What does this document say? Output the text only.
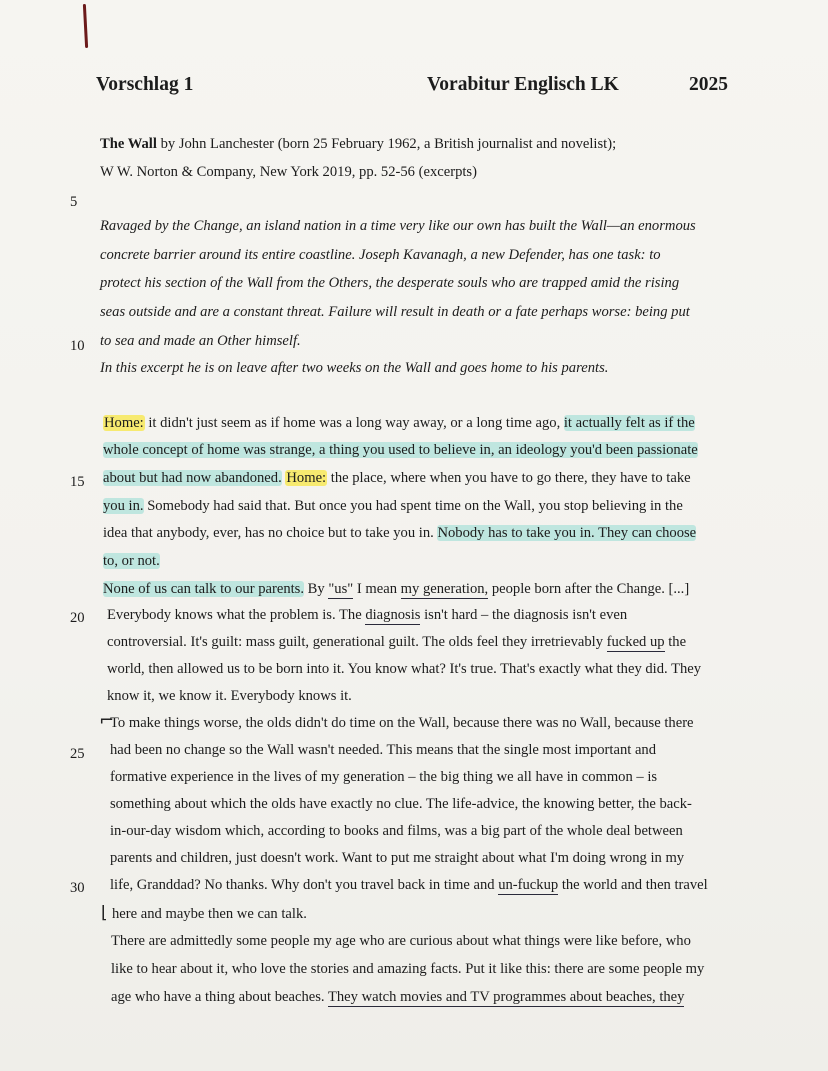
Vorschlag 1	Vorabitur Englisch LK	2025
The Wall by John Lanchester (born 25 February 1962, a British journalist and novelist);
W W. Norton & Company, New York 2019, pp. 52-56 (excerpts)
5
10
15
20
25
30
Ravaged by the Change, an island nation in a time very like our own has built the Wall—an enormous
concrete barrier around its entire coastline. Joseph Kavanagh, a new Defender, has one task: to
protect his section of the Wall from the Others, the desperate souls who are trapped amid the rising
seas outside and are a constant threat. Failure will result in death or a fate perhaps worse: being put
to sea and made an Other himself.
In this excerpt he is on leave after two weeks on the Wall and goes home to his parents.
Home: it didn't just seem as if home was a long way away, or a long time ago, it actually felt as if the
whole concept of home was strange, a thing you used to believe in, an ideology you'd been passionate
about but had now abandoned. Home: the place, where when you have to go there, they have to take
you in. Somebody had said that. But once you had spent time on the Wall, you stop believing in the
idea that anybody, ever, has no choice but to take you in. Nobody has to take you in. They can choose
to, or not.
None of us can talk to our parents. By "us" I mean my generation, people born after the Change. [...]
Everybody knows what the problem is. The diagnosis isn't hard – the diagnosis isn't even
controversial. It's guilt: mass guilt, generational guilt. The olds feel they irretrievably fucked up the
world, then allowed us to be born into it. You know what? It's true. That's exactly what they did. They
know it, we know it. Everybody knows it.
⌐
To make things worse, the olds didn't do time on the Wall, because there was no Wall, because there
had been no change so the Wall wasn't needed. This means that the single most important and
formative experience in the lives of my generation – the big thing we all have in common – is
something about which the olds have exactly no clue. The life-advice, the knowing better, the back-
in-our-day wisdom which, according to books and films, was a big part of the whole deal between
parents and children, just doesn't work. Want to put me straight about what I'm doing wrong in my
life, Granddad? No thanks. Why don't you travel back in time and un-fuckup the world and then travel
⌊ here and maybe then we can talk.
There are admittedly some people my age who are curious about what things were like before, who
like to hear about it, who love the stories and amazing facts. Put it like this: there are some people my
age who have a thing about beaches. They watch movies and TV programmes about beaches, they
